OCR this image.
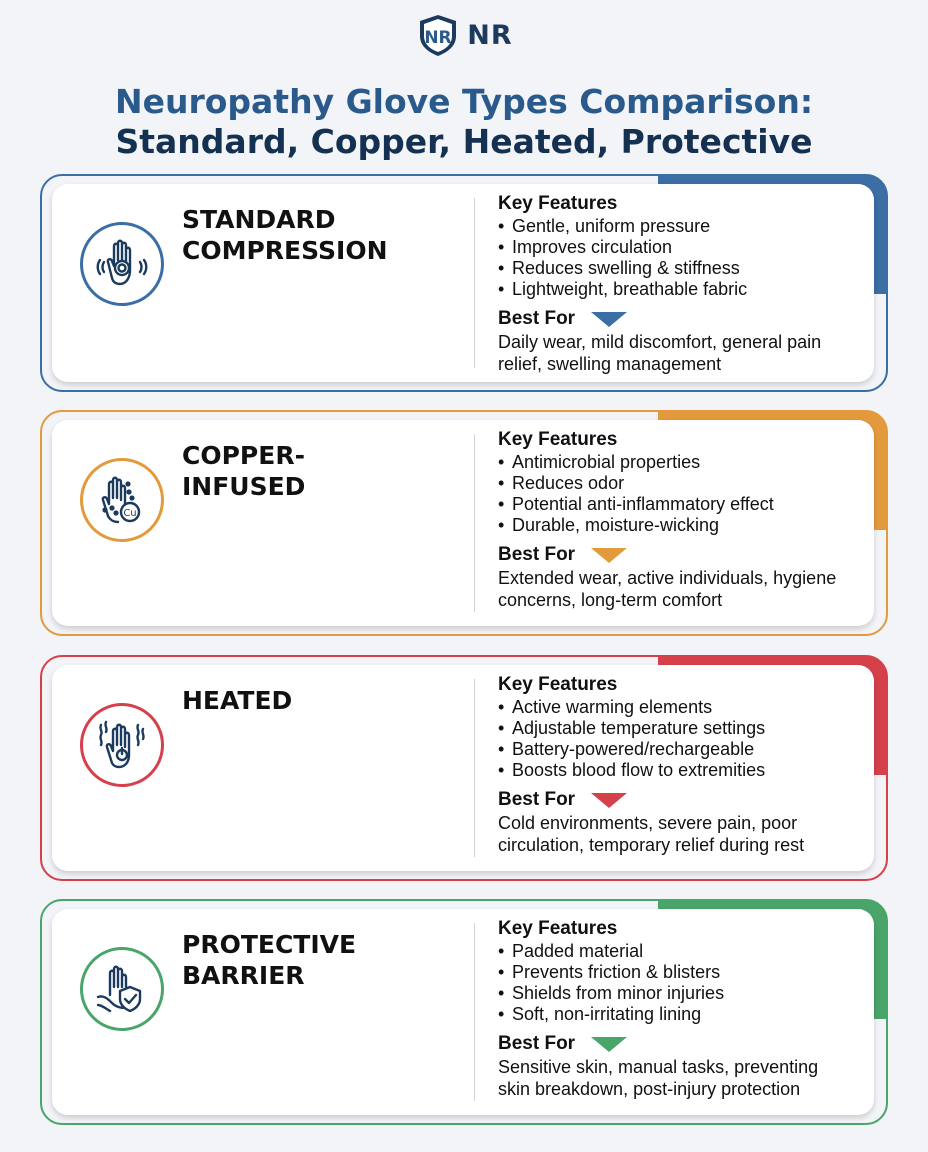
NR NR
Neuropathy Glove Types Comparison:
Standard, Copper, Heated, Protective
STANDARD
COMPRESSION
Key Features
• Gentle, uniform pressure
• Improves circulation
• Reduces swelling & stiffness
• Lightweight, breathable fabric
Best For
Daily wear, mild discomfort, general pain relief, swelling management
Cu
COPPER-
INFUSED
Key Features
• Antimicrobial properties
• Reduces odor
• Potential anti-inflammatory effect
• Durable, moisture-wicking
Best For
Extended wear, active individuals, hygiene concerns, long-term comfort
HEATED
Key Features
• Active warming elements
• Adjustable temperature settings
• Battery-powered/rechargeable
• Boosts blood flow to extremities
Best For
Cold environments, severe pain, poor circulation, temporary relief during rest
PROTECTIVE
BARRIER
Key Features
• Padded material
• Prevents friction & blisters
• Shields from minor injuries
• Soft, non-irritating lining
Best For
Sensitive skin, manual tasks, preventing skin breakdown, post-injury protection
